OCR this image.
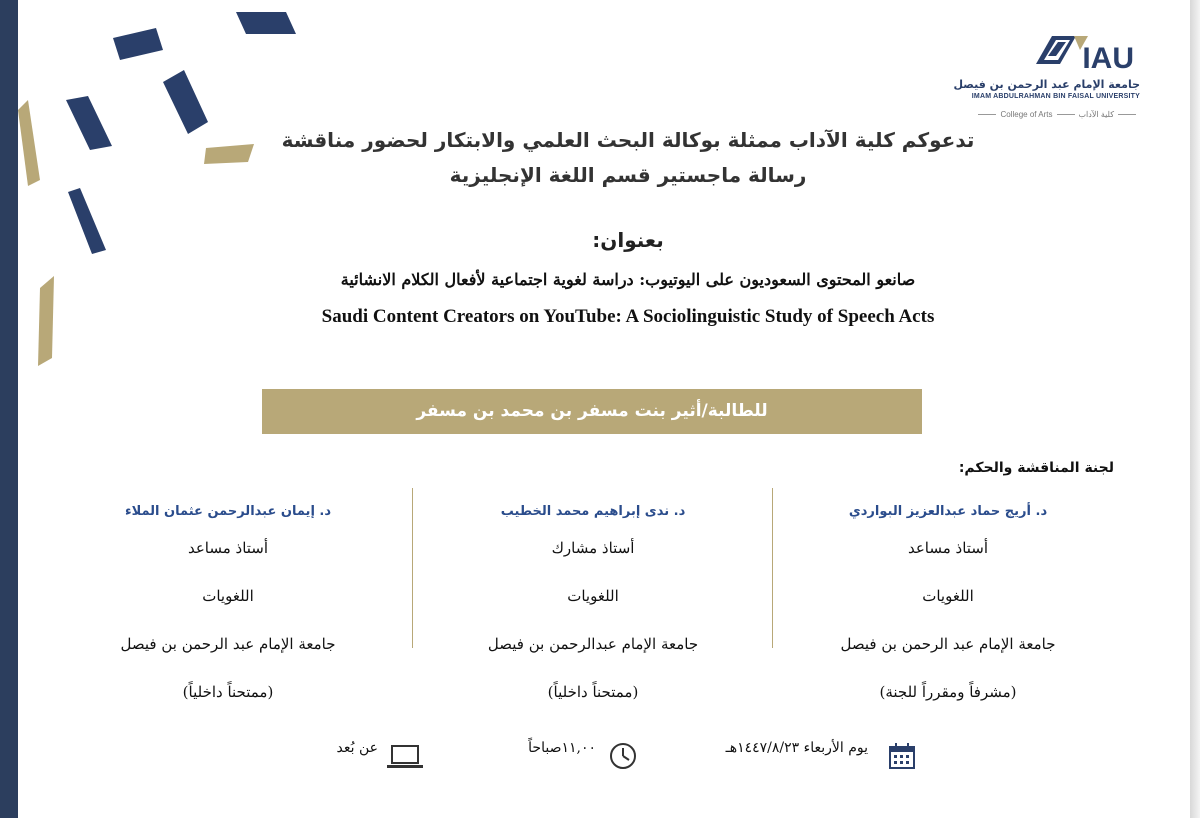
IAU
جامعة الإمام عبد الرحمن بن فيصل
IMAM ABDULRAHMAN BIN FAISAL UNIVERSITY
College of Arts	كلية الآداب
تدعوكم كلية الآداب ممثلة بوكالة البحث العلمي والابتكار لحضور مناقشة
رسالة ماجستير قسم اللغة الإنجليزية
بعنوان:
صانعو المحتوى السعوديون على اليوتيوب: دراسة لغوية اجتماعية لأفعال الكلام الانشائية
Saudi Content Creators on YouTube: A Sociolinguistic Study of Speech Acts
للطالبة/أثير بنت مسفر بن محمد بن مسفر
لجنة المناقشة والحكم:
د. أريج حماد عبدالعزيز البواردي
أستاذ مساعد
اللغويات
جامعة الإمام عبد الرحمن بن فيصل
(مشرفاً ومقرراً للجنة)
د. ندى إبراهيم محمد الخطيب
أستاذ مشارك
اللغويات
جامعة الإمام عبدالرحمن بن فيصل
(ممتحناً داخلياً)
د. إيمان عبدالرحمن عثمان الملاء
أستاذ مساعد
اللغويات
جامعة الإمام عبد الرحمن بن فيصل
(ممتحناً داخلياً)
يوم الأربعاء ١٤٤٧/٨/٢٣هـ
١١,٠٠صباحاً
عن بُعد
